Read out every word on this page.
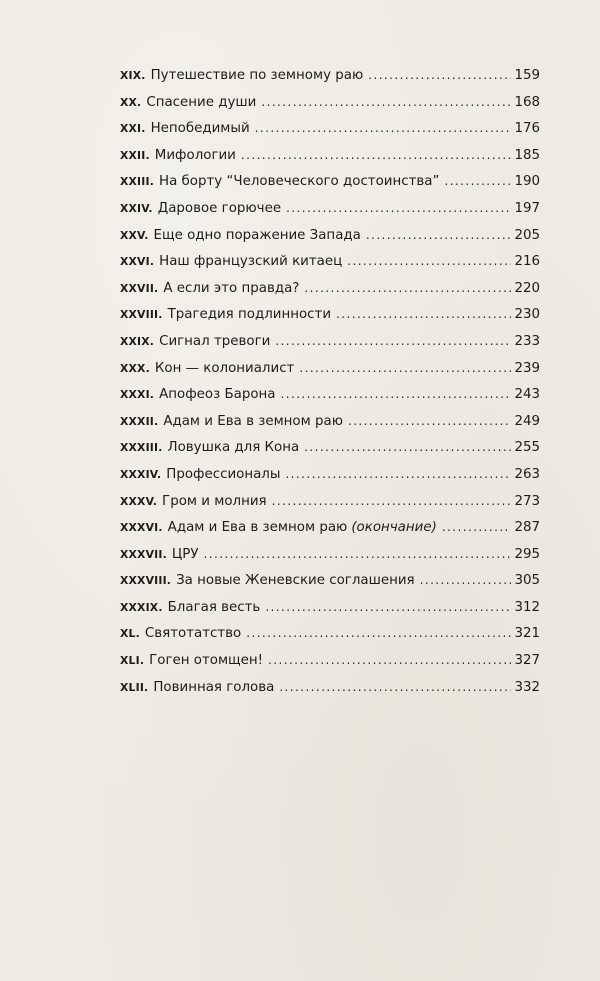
XIX. Путешествие по земному раю . . .	159
XX. Спасение души . . .	168
XXI. Непобедимый . . .	176
XXII. Мифологии . . .	185
XXIII. На борту “Человеческого достоинства” . . .	190
XXIV. Даровое горючее . . .	197
XXV. Еще одно поражение Запада . . .	205
XXVI. Наш французский китаец . . .	216
XXVII. А если это правда? . . .	220
XXVIII. Трагедия подлинности . . .	230
XXIX. Сигнал тревоги . . .	233
XXX. Кон — колониалист . . .	239
XXXI. Апофеоз Барона . . .	243
XXXII. Адам и Ева в земном раю . . .	249
XXXIII. Ловушка для Кона . . .	255
XXXIV. Профессионалы . . .	263
XXXV. Гром и молния . . .	273
XXXVI. Адам и Ева в земном раю (окончание) . . .	287
XXXVII. ЦРУ . . .	295
XXXVIII. За новые Женевские соглашения . . .	305
XXXIX. Благая весть . . .	312
XL. Святотатство . . .	321
XLI. Гоген отомщен! . . .	327
XLII. Повинная голова . . .	332
